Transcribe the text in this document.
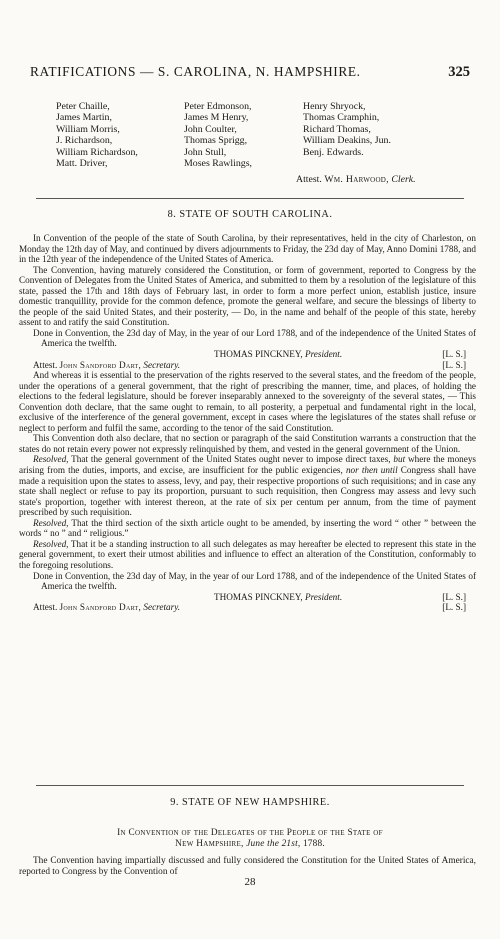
RATIFICATIONS — S. CAROLINA, N. HAMPSHIRE.	325
Peter Chaille,	Peter Edmonson,	Henry Shryock,
James Martin,	James M Henry,	Thomas Cramphin,
William Morris,	John Coulter,	Richard Thomas,
J. Richardson,	Thomas Sprigg,	William Deakins, Jun.
William Richardson,	John Stull,	Benj. Edwards.
Matt. Driver,	Moses Rawlings,
Attest. Wm. Harwood, Clerk.
8. STATE OF SOUTH CAROLINA.

In Convention of the people of the state of South Carolina, by their representatives, held in the city of Charleston, on Monday the 12th day of May, and continued by divers adjournments to Friday, the 23d day of May, Anno Domini 1788, and in the 12th year of the independence of the United States of America.

The Convention, having maturely considered the Constitution, or form of government, reported to Congress by the Convention of Delegates from the United States of America, and submitted to them by a resolution of the legislature of this state, passed the 17th and 18th days of February last, in order to form a more perfect union, establish justice, insure domestic tranquillity, provide for the common defence, promote the general welfare, and secure the blessings of liberty to the people of the said United States, and their posterity, — Do, in the name and behalf of the people of this state, hereby assent to and ratify the said Constitution.

Done in Convention, the 23d day of May, in the year of our Lord 1788, and of the independence of the United States of America the twelfth.

THOMAS PINCKNEY, President.	[L. S.]
Attest. John Sandford Dart, Secretary.	[L. S.]

And whereas it is essential to the preservation of the rights reserved to the several states, and the freedom of the people, under the operations of a general government, that the right of prescribing the manner, time, and places, of holding the elections to the federal legislature, should be forever inseparably annexed to the sovereignty of the several states, — This Convention doth declare, that the same ought to remain, to all posterity, a perpetual and fundamental right in the local, exclusive of the interference of the general government, except in cases where the legislatures of the states shall refuse or neglect to perform and fulfil the same, according to the tenor of the said Constitution.

This Convention doth also declare, that no section or paragraph of the said Constitution warrants a construction that the states do not retain every power not expressly relinquished by them, and vested in the general government of the Union.

Resolved, That the general government of the United States ought never to impose direct taxes, but where the moneys arising from the duties, imports, and excise, are insufficient for the public exigencies, nor then until Congress shall have made a requisition upon the states to assess, levy, and pay, their respective proportions of such requisitions; and in case any state shall neglect or refuse to pay its proportion, pursuant to such requisition, then Congress may assess and levy such state's proportion, together with interest thereon, at the rate of six per centum per annum, from the time of payment prescribed by such requisition.

Resolved, That the third section of the sixth article ought to be amended, by inserting the word “ other ” between the words “ no ” and “ religious.”

Resolved, That it be a standing instruction to all such delegates as may hereafter be elected to represent this state in the general government, to exert their utmost abilities and influence to effect an alteration of the Constitution, conformably to the foregoing resolutions.

Done in Convention, the 23d day of May, in the year of our Lord 1788, and of the independence of the United States of America the twelfth.

THOMAS PINCKNEY, President.	[L. S.]
Attest. John Sandford Dart, Secretary.	[L. S.]
9. STATE OF NEW HAMPSHIRE.
In Convention of the Delegates of the People of the State of
New Hampshire, June the 21st, 1788.

The Convention having impartially discussed and fully considered the Constitution for the United States of America, reported to Congress by the Convention of

28
